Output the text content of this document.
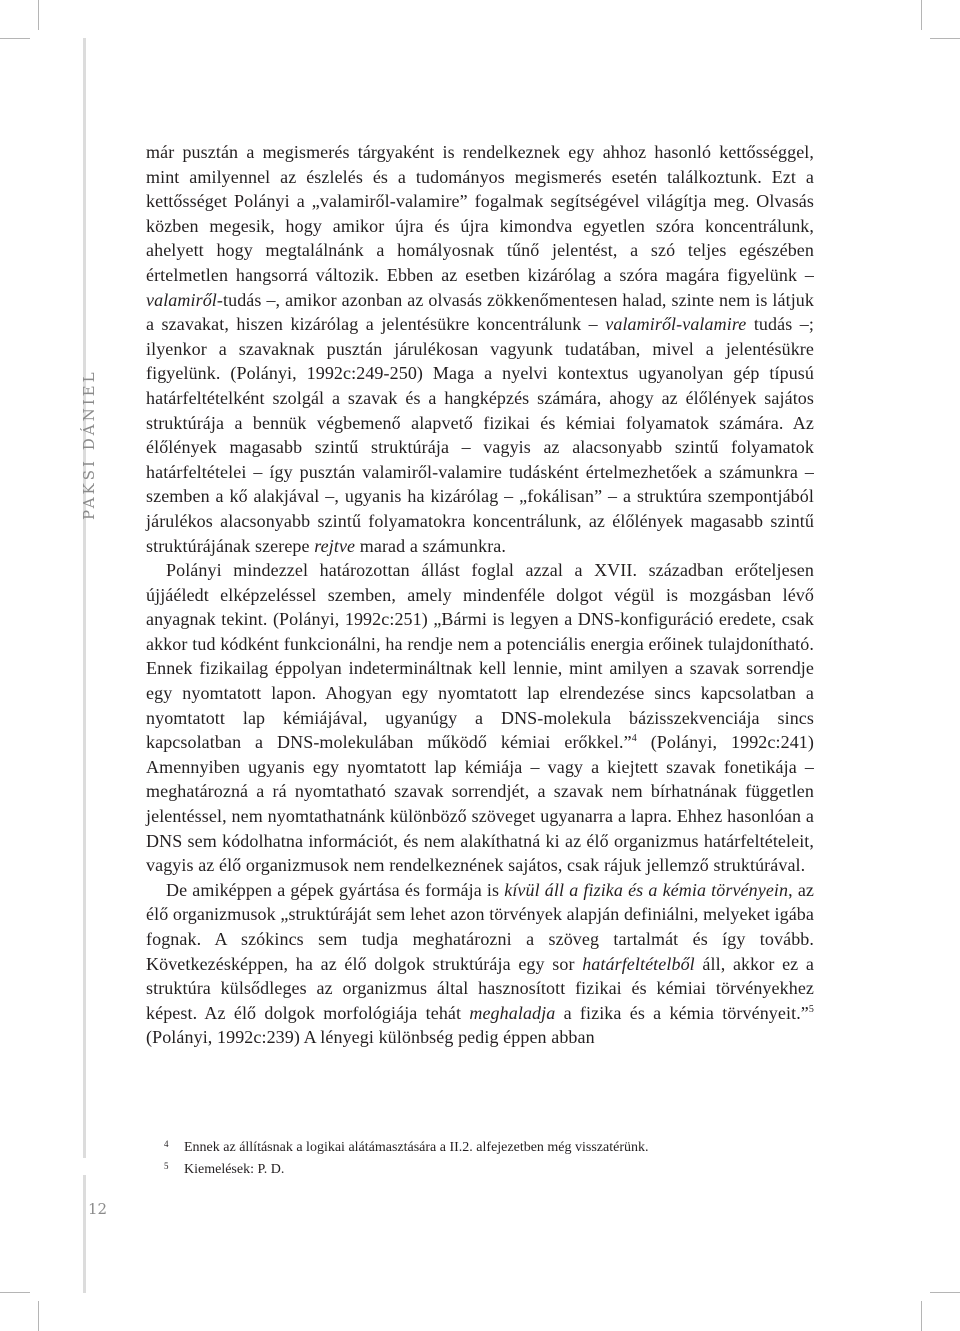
PAKSI DÁNIEL
12

már pusztán a megismerés tárgyaként is rendelkeznek egy ahhoz hasonló kettősséggel, mint amilyennel az észlelés és a tudományos megismerés esetén találkoztunk. Ezt a kettősséget Polányi a „valamiről-valamire” fogalmak segítségével világítja meg. Olvasás közben megesik, hogy amikor újra és újra kimondva egyetlen szóra koncentrálunk, ahelyett hogy megtalálnánk a homályosnak tűnő jelentést, a szó teljes egészében értelmetlen hangsorrá változik. Ebben az esetben kizárólag a szóra magára figyelünk – valamiről-tudás –, amikor azonban az olvasás zökkenőmentesen halad, szinte nem is látjuk a szavakat, hiszen kizárólag a jelentésükre koncentrálunk – valamiről-valamire tudás –; ilyenkor a szavaknak pusztán járulékosan vagyunk tudatában, mivel a jelentésükre figyelünk. (Polányi, 1992c:249-250) Maga a nyelvi kontextus ugyanolyan gép típusú határfeltételként szolgál a szavak és a hangképzés számára, ahogy az élőlények sajátos struktúrája a bennük végbemenő alapvető fizikai és kémiai folyamatok számára. Az élőlények magasabb szintű struktúrája – vagyis az alacsonyabb szintű folyamatok határfeltételei – így pusztán valamiről-valamire tudásként értelmezhetőek a számunkra – szemben a kő alakjával –, ugyanis ha kizárólag – „fokálisan” – a struktúra szempontjából járulékos alacsonyabb szintű folyamatokra koncentrálunk, az élőlények magasabb szintű struktúrájának szerepe rejtve marad a számunkra.

Polányi mindezzel határozottan állást foglal azzal a XVII. században erőteljesen újjáéledt elképzeléssel szemben, amely mindenféle dolgot végül is mozgásban lévő anyagnak tekint. (Polányi, 1992c:251) „Bármi is legyen a DNS-konfiguráció eredete, csak akkor tud kódként funkcionálni, ha rendje nem a potenciális energia erőinek tulajdonítható. Ennek fizikailag éppolyan indetermináltnak kell lennie, mint amilyen a szavak sorrendje egy nyomtatott lapon. Ahogyan egy nyomtatott lap elrendezése sincs kapcsolatban a nyomtatott lap kémiájával, ugyanúgy a DNS-molekula bázisszekvenciája sincs kapcsolatban a DNS-molekulában működő kémiai erőkkel.”$^4$ (Polányi, 1992c:241) Amennyiben ugyanis egy nyomtatott lap kémiája – vagy a kiejtett szavak fonetikája – meghatározná a rá nyomtatható szavak sorrendjét, a szavak nem bírhatnának független jelentéssel, nem nyomtathatnánk különböző szöveget ugyanarra a lapra. Ehhez hasonlóan a DNS sem kódolhatna információt, és nem alakíthatná ki az élő organizmus határfeltételeit, vagyis az élő organizmusok nem rendelkeznének sajátos, csak rájuk jellemző struktúrával.

De amiképpen a gépek gyártása és formája is kívül áll a fizika és a kémia törvényein, az élő organizmusok „struktúráját sem lehet azon törvények alapján definiálni, melyeket igába fognak. A szókincs sem tudja meghatározni a szöveg tartalmát és így tovább. Következésképpen, ha az élő dolgok struktúrája egy sor határfeltételből áll, akkor ez a struktúra külsődleges az organizmus által hasznosított fizikai és kémiai törvényekhez képest. Az élő dolgok morfológiája tehát meghaladja a fizika és a kémia törvényeit.”$^5$ (Polányi, 1992c:239) A lényegi különbség pedig éppen abban

4 Ennek az állításnak a logikai alátámasztására a II.2. alfejezetben még visszatérünk.
5 Kiemelések: P. D.
